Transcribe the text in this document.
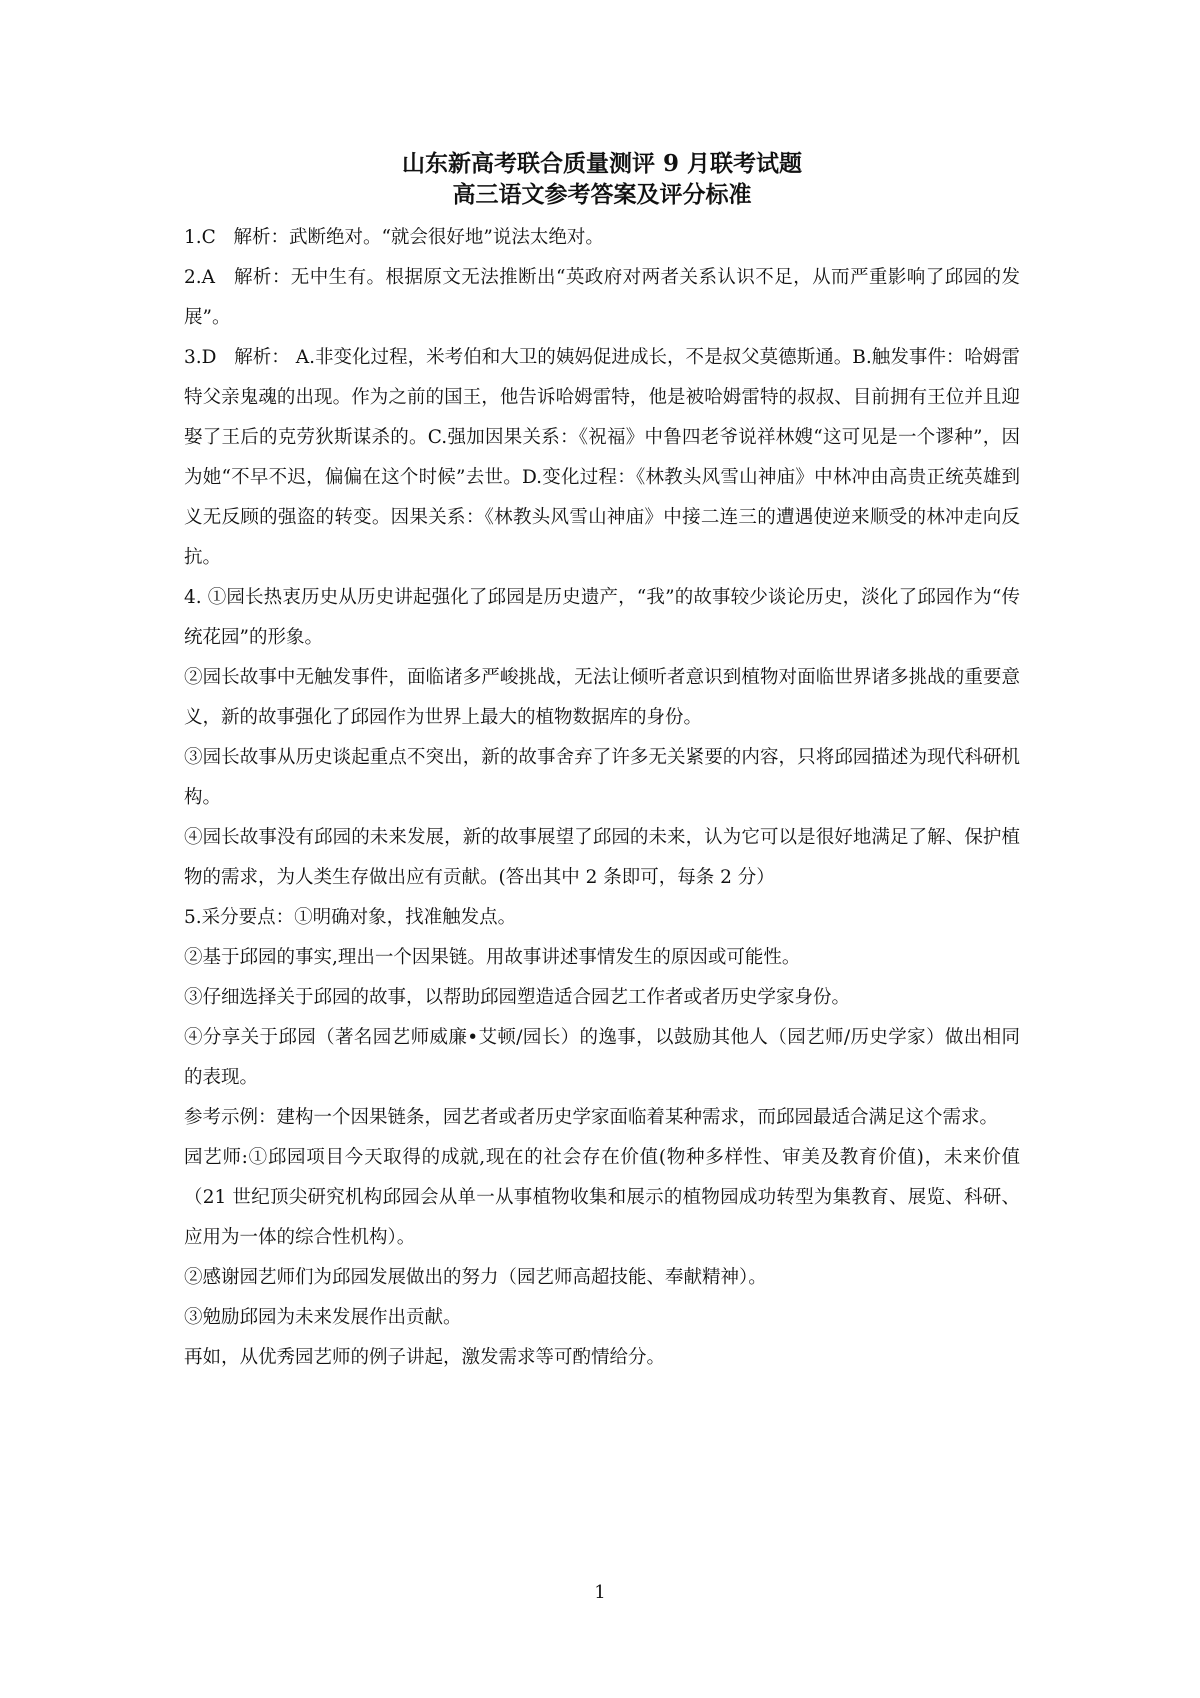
山东新高考联合质量测评 9 月联考试题
高三语文参考答案及评分标准

1.C   解析：武断绝对。“就会很好地”说法太绝对。

2.A   解析：无中生有。根据原文无法推断出“英政府对两者关系认识不足，从而严重影响了邱园的发展”。

3.D   解析： A.非变化过程，米考伯和大卫的姨妈促进成长，不是叔父莫德斯通。B.触发事件：哈姆雷特父亲鬼魂的出现。作为之前的国王，他告诉哈姆雷特，他是被哈姆雷特的叔叔、目前拥有王位并且迎娶了王后的克劳狄斯谋杀的。C.强加因果关系：《祝福》中鲁四老爷说祥林嫂“这可见是一个谬种”，因为她“不早不迟，偏偏在这个时候”去世。D.变化过程：《林教头风雪山神庙》中林冲由高贵正统英雄到义无反顾的强盗的转变。因果关系：《林教头风雪山神庙》中接二连三的遭遇使逆来顺受的林冲走向反抗。

4. ①园长热衷历史从历史讲起强化了邱园是历史遗产，“我”的故事较少谈论历史，淡化了邱园作为“传统花园”的形象。

②园长故事中无触发事件，面临诸多严峻挑战，无法让倾听者意识到植物对面临世界诸多挑战的重要意义，新的故事强化了邱园作为世界上最大的植物数据库的身份。

③园长故事从历史谈起重点不突出，新的故事舍弃了许多无关紧要的内容，只将邱园描述为现代科研机构。

④园长故事没有邱园的未来发展，新的故事展望了邱园的未来，认为它可以是很好地满足了解、保护植物的需求，为人类生存做出应有贡献。(答出其中 2 条即可，每条 2 分）

5.采分要点：①明确对象，找准触发点。

②基于邱园的事实,理出一个因果链。用故事讲述事情发生的原因或可能性。

③仔细选择关于邱园的故事，以帮助邱园塑造适合园艺工作者或者历史学家身份。

④分享关于邱园（著名园艺师威廉•艾顿/园长）的逸事，以鼓励其他人（园艺师/历史学家）做出相同的表现。

参考示例：建构一个因果链条，园艺者或者历史学家面临着某种需求，而邱园最适合满足这个需求。

园艺师:①邱园项目今天取得的成就,现在的社会存在价值(物种多样性、审美及教育价值)，未来价值（21 世纪顶尖研究机构邱园会从单一从事植物收集和展示的植物园成功转型为集教育、展览、科研、应用为一体的综合性机构）。

②感谢园艺师们为邱园发展做出的努力（园艺师高超技能、奉献精神）。

③勉励邱园为未来发展作出贡献。

再如，从优秀园艺师的例子讲起，激发需求等可酌情给分。

1
